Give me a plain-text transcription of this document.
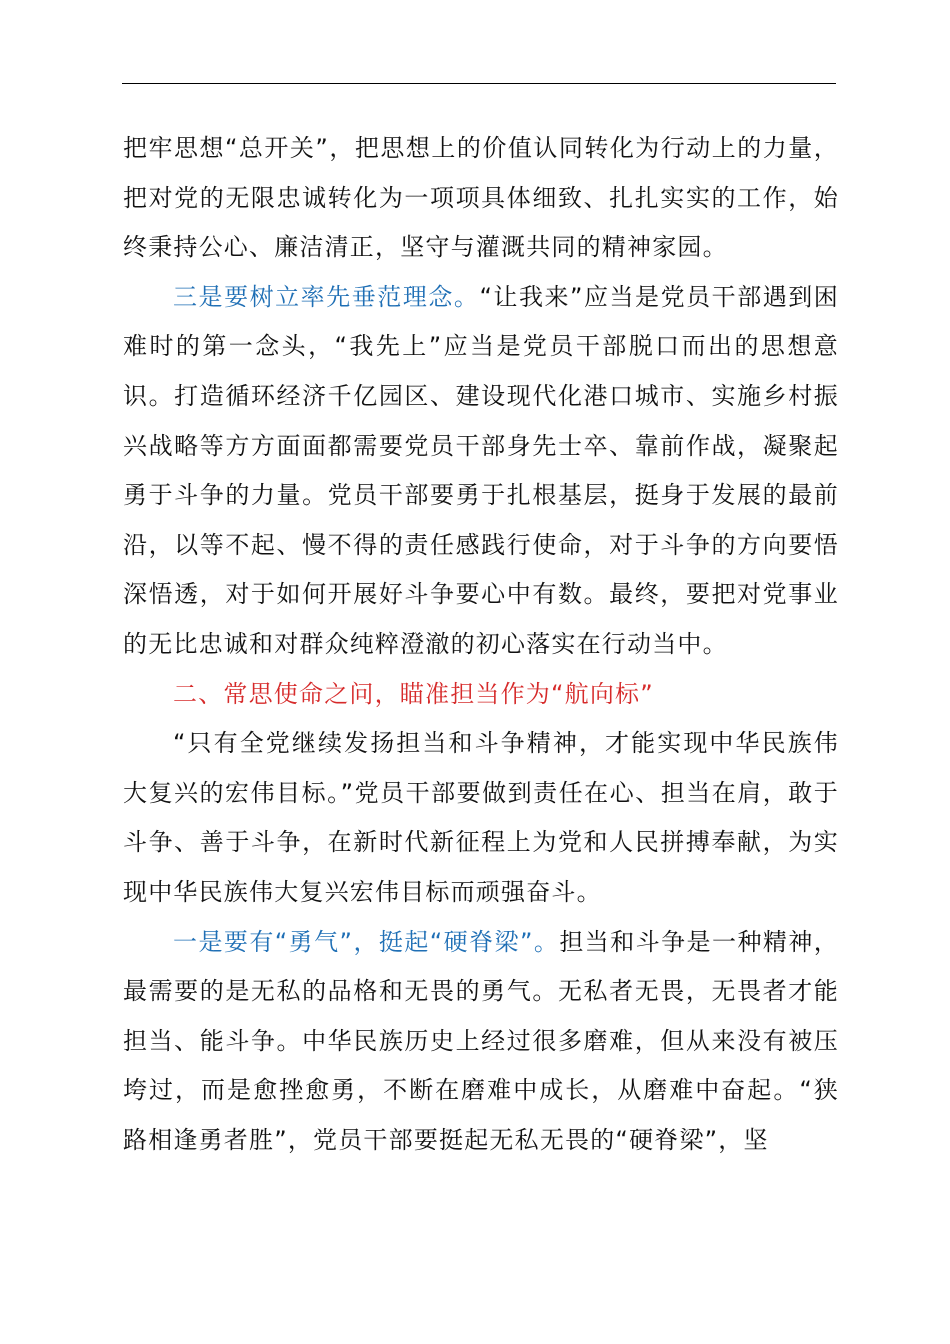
把牢思想“总开关”，把思想上的价值认同转化为行动上的力量，把对党的无限忠诚转化为一项项具体细致、扎扎实实的工作，始终秉持公心、廉洁清正，坚守与灌溉共同的精神家园。

三是要树立率先垂范理念。“让我来”应当是党员干部遇到困难时的第一念头，“我先上”应当是党员干部脱口而出的思想意识。打造循环经济千亿园区、建设现代化港口城市、实施乡村振兴战略等方方面面都需要党员干部身先士卒、靠前作战，凝聚起勇于斗争的力量。党员干部要勇于扎根基层，挺身于发展的最前沿，以等不起、慢不得的责任感践行使命，对于斗争的方向要悟深悟透，对于如何开展好斗争要心中有数。最终，要把对党事业的无比忠诚和对群众纯粹澄澈的初心落实在行动当中。

二、常思使命之问，瞄准担当作为“航向标”

“只有全党继续发扬担当和斗争精神，才能实现中华民族伟大复兴的宏伟目标。”党员干部要做到责任在心、担当在肩，敢于斗争、善于斗争，在新时代新征程上为党和人民拼搏奉献，为实现中华民族伟大复兴宏伟目标而顽强奋斗。

一是要有“勇气”，挺起“硬脊梁”。担当和斗争是一种精神，最需要的是无私的品格和无畏的勇气。无私者无畏，无畏者才能担当、能斗争。中华民族历史上经过很多磨难，但从来没有被压垮过，而是愈挫愈勇，不断在磨难中成长，从磨难中奋起。“狭路相逢勇者胜”，党员干部要挺起无私无畏的“硬脊梁”，坚
